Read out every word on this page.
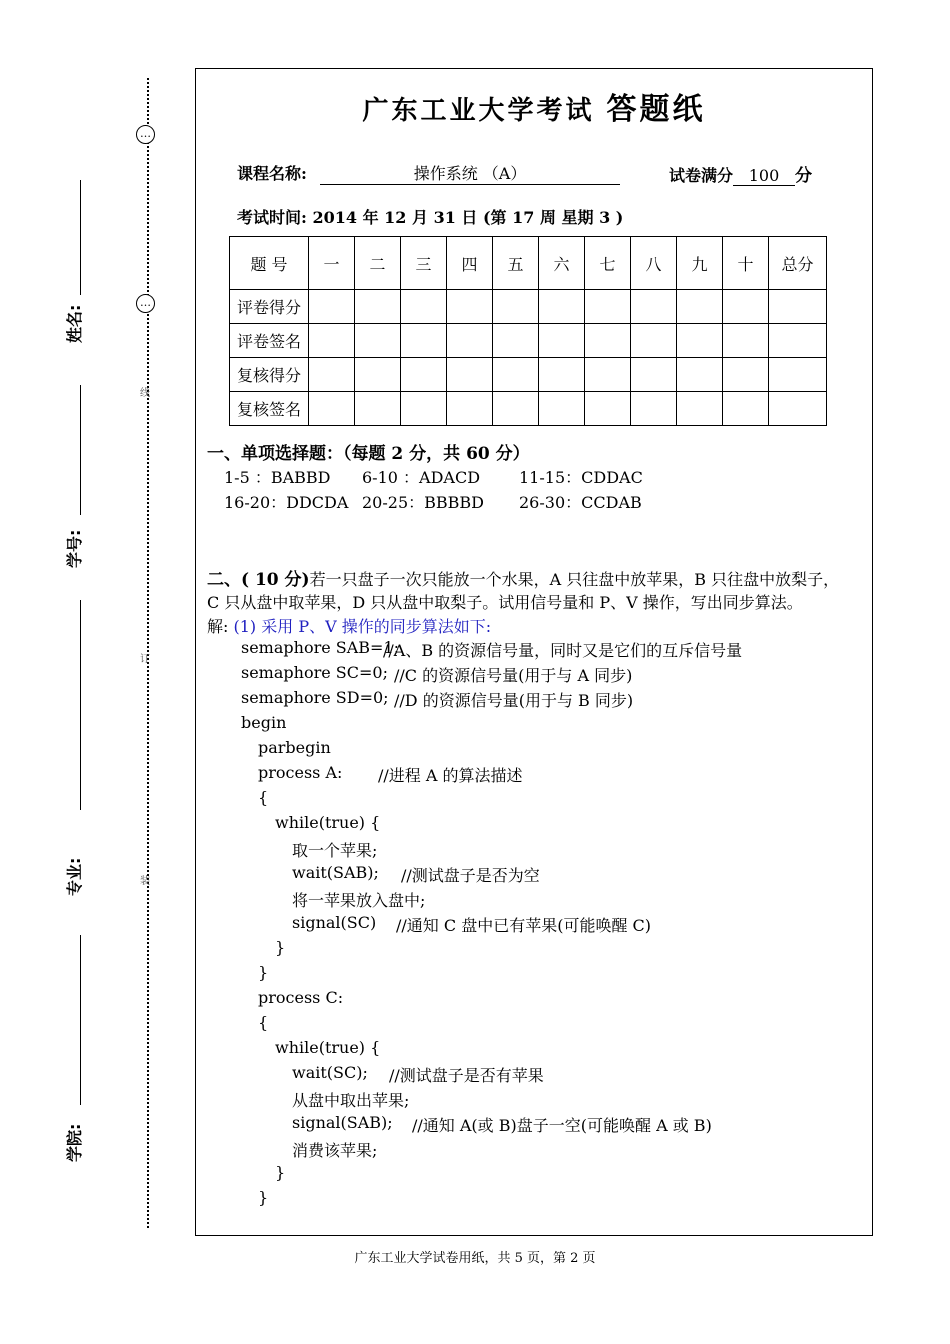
…
…
线
订
装
姓名:
学号:
专业:
学院:
广东工业大学考试 答题纸
课程名称:	操作系统 （A）	试卷满分 100 分
考试时间: 2014 年 12 月 31 日 (第 17 周 星期 3 )
题 号	一	二	三	四	五	六	七	八	九	十	总分
评卷得分											
评卷签名											
复核得分											
复核签名											
一、单项选择题：（每题 2 分，共 60 分）
1-5 ：BABBD 6-10 ：ADACD 11-15：CDDAC
16-20：DDCDA 20-25：BBBBD 26-30：CCDAB
二、( 10 分)若一只盘子一次只能放一个水果，A 只往盘中放苹果，B 只往盘中放梨子，
C 只从盘中取苹果，D 只从盘中取梨子。试用信号量和 P、V 操作，写出同步算法。
解: (1) 采用 P、V 操作的同步算法如下:
semaphore SAB=1;
//A、B 的资源信号量，同时又是它们的互斥信号量
semaphore SC=0; //C 的资源信号量(用于与 A 同步)
semaphore SD=0; //D 的资源信号量(用于与 B 同步)
begin
parbegin
process A: //进程 A 的算法描述
{
while(true) {
取一个苹果;
wait(SAB); //测试盘子是否为空
将一苹果放入盘中;
signal(SC) //通知 C 盘中已有苹果(可能唤醒 C)
}
}
process C:
{
while(true) {
wait(SC); //测试盘子是否有苹果
从盘中取出苹果;
signal(SAB); //通知 A(或 B)盘子一空(可能唤醒 A 或 B)
消费该苹果;
}
}
广东工业大学试卷用纸，共 5 页，第 2 页
